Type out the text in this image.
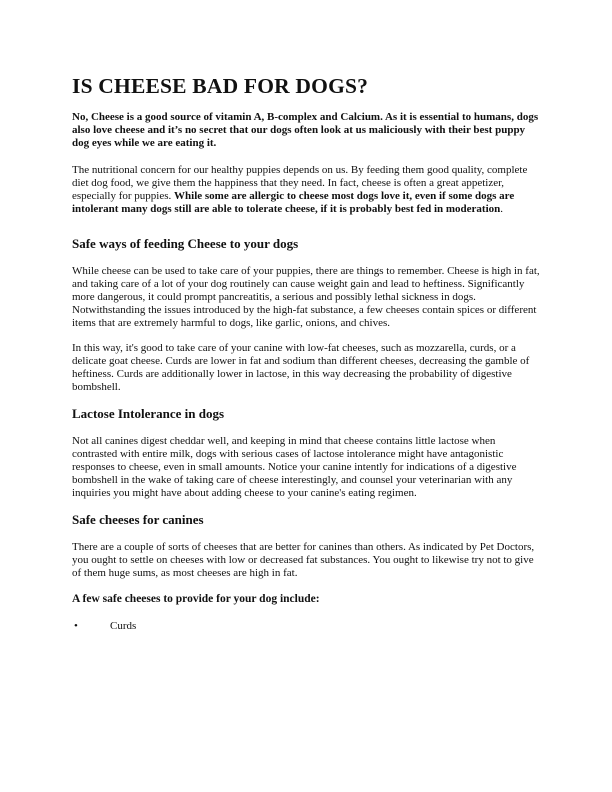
IS CHEESE BAD FOR DOGS?

No, Cheese is a good source of vitamin A, B-complex and Calcium. As it is essential to humans, dogs also love cheese and it’s no secret that our dogs often look at us maliciously with their best puppy dog eyes while we are eating it.

The nutritional concern for our healthy puppies depends on us. By feeding them good quality, complete diet dog food, we give them the happiness that they need. In fact, cheese is often a great appetizer, especially for puppies. While some are allergic to cheese most dogs love it, even if some dogs are intolerant many dogs still are able to tolerate cheese, if it is probably best fed in moderation.

Safe ways of feeding Cheese to your dogs

While cheese can be used to take care of your puppies, there are things to remember. Cheese is high in fat, and taking care of a lot of your dog routinely can cause weight gain and lead to heftiness. Significantly more dangerous, it could prompt pancreatitis, a serious and possibly lethal sickness in dogs. Notwithstanding the issues introduced by the high-fat substance, a few cheeses contain spices or different items that are extremely harmful to dogs, like garlic, onions, and chives.

In this way, it's good to take care of your canine with low-fat cheeses, such as mozzarella, curds, or a delicate goat cheese. Curds are lower in fat and sodium than different cheeses, decreasing the gamble of heftiness. Curds are additionally lower in lactose, in this way decreasing the probability of digestive bombshell.

Lactose Intolerance in dogs

Not all canines digest cheddar well, and keeping in mind that cheese contains little lactose when contrasted with entire milk, dogs with serious cases of lactose intolerance might have antagonistic responses to cheese, even in small amounts. Notice your canine intently for indications of a digestive bombshell in the wake of taking care of cheese interestingly, and counsel your veterinarian with any inquiries you might have about adding cheese to your canine's eating regimen.

Safe cheeses for canines

There are a couple of sorts of cheeses that are better for canines than others. As indicated by Pet Doctors, you ought to settle on cheeses with low or decreased fat substances. You ought to likewise try not to give of them huge sums, as most cheeses are high in fat.

A few safe cheeses to provide for your dog include:
•	Curds
